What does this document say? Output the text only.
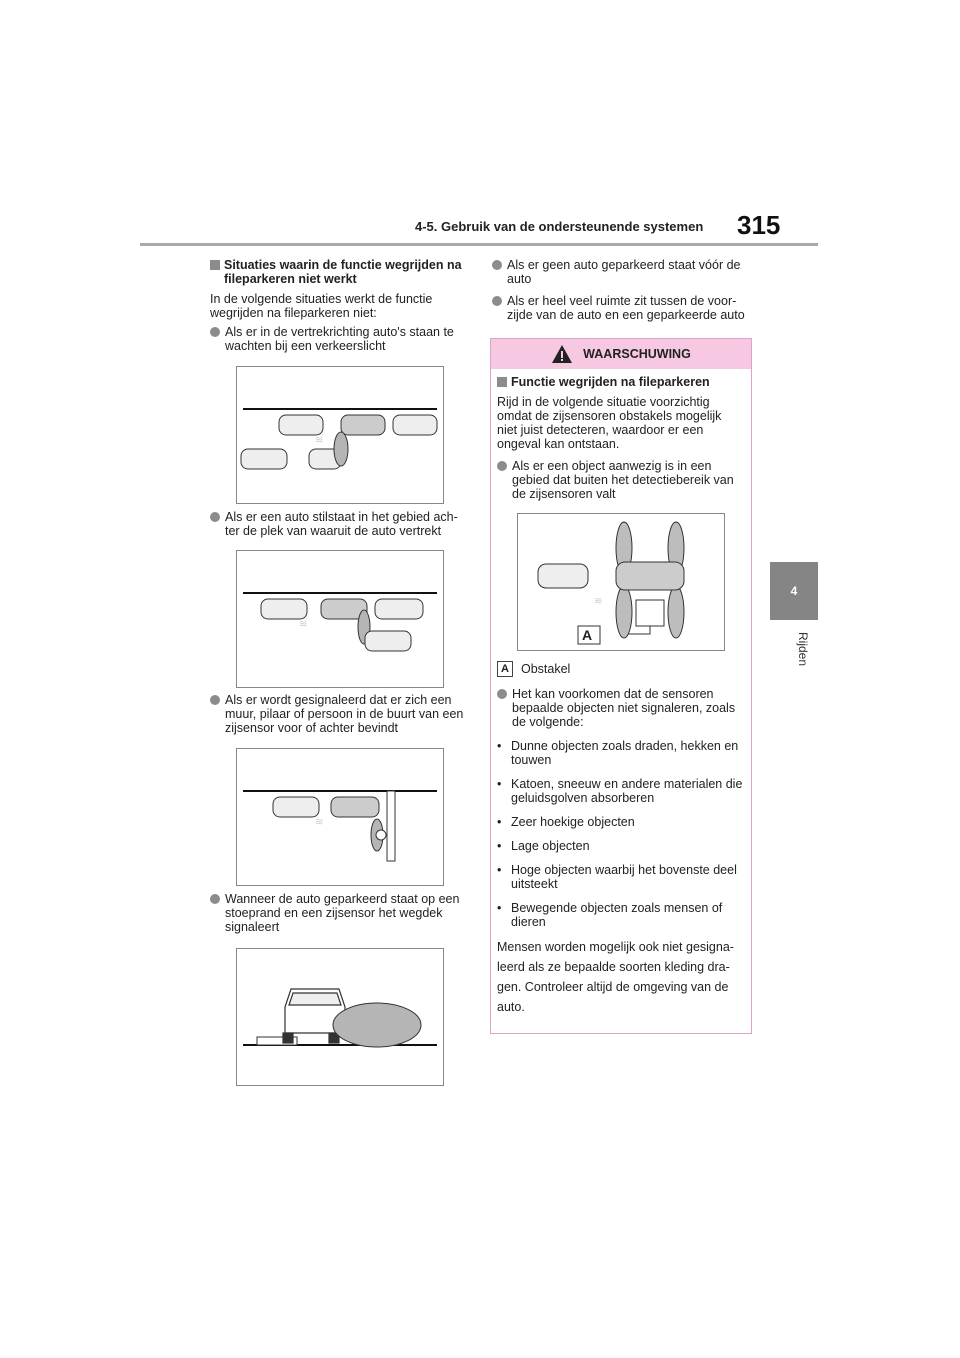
4-5. Gebruik van de ondersteunende systemen 315
4
Rijden
Situaties waarin de functie wegrijden na fileparkeren niet werkt

In de volgende situaties werkt de functie wegrijden na fileparkeren niet:

Als er in de vertrekrichting auto's staan te wachten bij een verkeerslicht
≋
Als er een auto stilstaat in het gebied ach-ter de plek van waaruit de auto vertrekt
≋
Als er wordt gesignaleerd dat er zich een muur, pilaar of persoon in de buurt van een zijsensor voor of achter bevindt
≋
Wanneer de auto geparkeerd staat op een stoeprand en een zijsensor het wegdek signaleert
Als er geen auto geparkeerd staat vóór de auto
Als er heel veel ruimte zit tussen de voor-zijde van de auto en een geparkeerde auto
WAARSCHUWING
Functie wegrijden na fileparkeren

Rijd in de volgende situatie voorzichtig omdat de zijsensoren obstakels mogelijk niet juist detecteren, waardoor er een ongeval kan ontstaan.

Als er een object aanwezig is in een gebied dat buiten het detectiebereik van de zijsensoren valt
A
≋
A Obstakel
Het kan voorkomen dat de sensoren bepaalde objecten niet signaleren, zoals de volgende:
• Dunne objecten zoals draden, hekken en touwen
• Katoen, sneeuw en andere materialen die geluidsgolven absorberen
• Zeer hoekige objecten
• Lage objecten
• Hoge objecten waarbij het bovenste deel uitsteekt
• Bewegende objecten zoals mensen of dieren

Mensen worden mogelijk ook niet gesigna-leerd als ze bepaalde soorten kleding dra-gen. Controleer altijd de omgeving van de auto.
